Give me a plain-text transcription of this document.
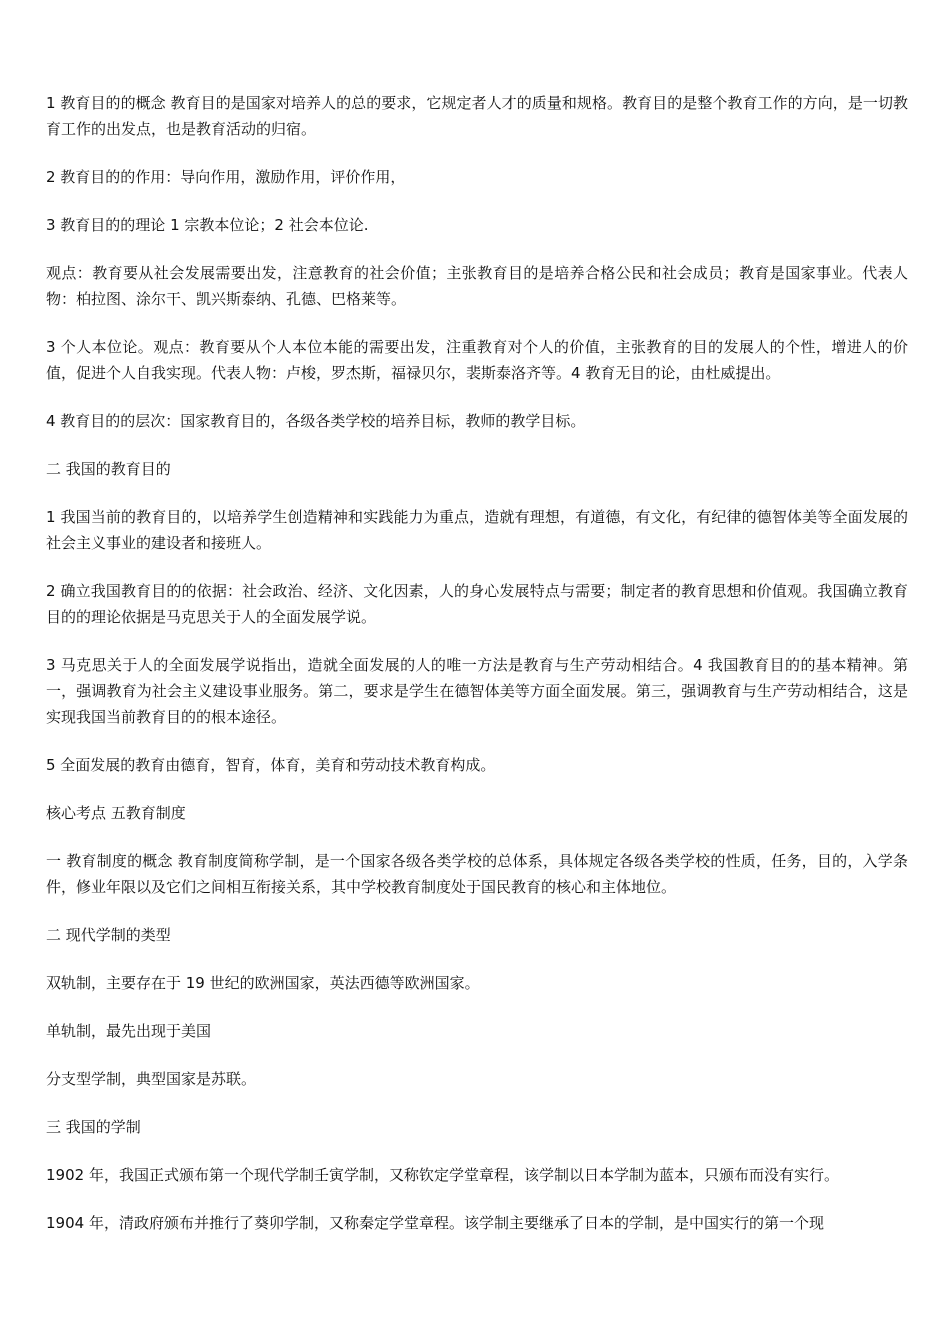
1 教育目的的概念 教育目的是国家对培养人的总的要求，它规定者人才的质量和规格。教育目的是整个教育工作的方向，是一切教育工作的出发点，也是教育活动的归宿。

2 教育目的的作用：导向作用，激励作用，评价作用，

3 教育目的的理论 1 宗教本位论；2 社会本位论.

观点：教育要从社会发展需要出发，注意教育的社会价值；主张教育目的是培养合格公民和社会成员；教育是国家事业。代表人物：柏拉图、涂尔干、凯兴斯泰纳、孔德、巴格莱等。

3 个人本位论。观点：教育要从个人本位本能的需要出发，注重教育对个人的价值，主张教育的目的发展人的个性，增进人的价值，促进个人自我实现。代表人物：卢梭，罗杰斯，福禄贝尔，裴斯泰洛齐等。4 教育无目的论，由杜威提出。

4 教育目的的层次：国家教育目的，各级各类学校的培养目标，教师的教学目标。

二 我国的教育目的

1 我国当前的教育目的，以培养学生创造精神和实践能力为重点，造就有理想，有道德，有文化，有纪律的德智体美等全面发展的社会主义事业的建设者和接班人。

2 确立我国教育目的的依据：社会政治、经济、文化因素，人的身心发展特点与需要；制定者的教育思想和价值观。我国确立教育目的的理论依据是马克思关于人的全面发展学说。

3 马克思关于人的全面发展学说指出，造就全面发展的人的唯一方法是教育与生产劳动相结合。4 我国教育目的的基本精神。第一，强调教育为社会主义建设事业服务。第二，要求是学生在德智体美等方面全面发展。第三，强调教育与生产劳动相结合，这是实现我国当前教育目的的根本途径。

5 全面发展的教育由德育，智育，体育，美育和劳动技术教育构成。

核心考点 五教育制度

一 教育制度的概念 教育制度简称学制，是一个国家各级各类学校的总体系，具体规定各级各类学校的性质，任务，目的，入学条件，修业年限以及它们之间相互衔接关系，其中学校教育制度处于国民教育的核心和主体地位。

二 现代学制的类型

双轨制，主要存在于 19 世纪的欧洲国家，英法西德等欧洲国家。

单轨制，最先出现于美国

分支型学制，典型国家是苏联。

三 我国的学制

1902 年，我国正式颁布第一个现代学制壬寅学制，又称钦定学堂章程，该学制以日本学制为蓝本，只颁布而没有实行。

1904 年，清政府颁布并推行了葵卯学制，又称秦定学堂章程。该学制主要继承了日本的学制，是中国实行的第一个现
